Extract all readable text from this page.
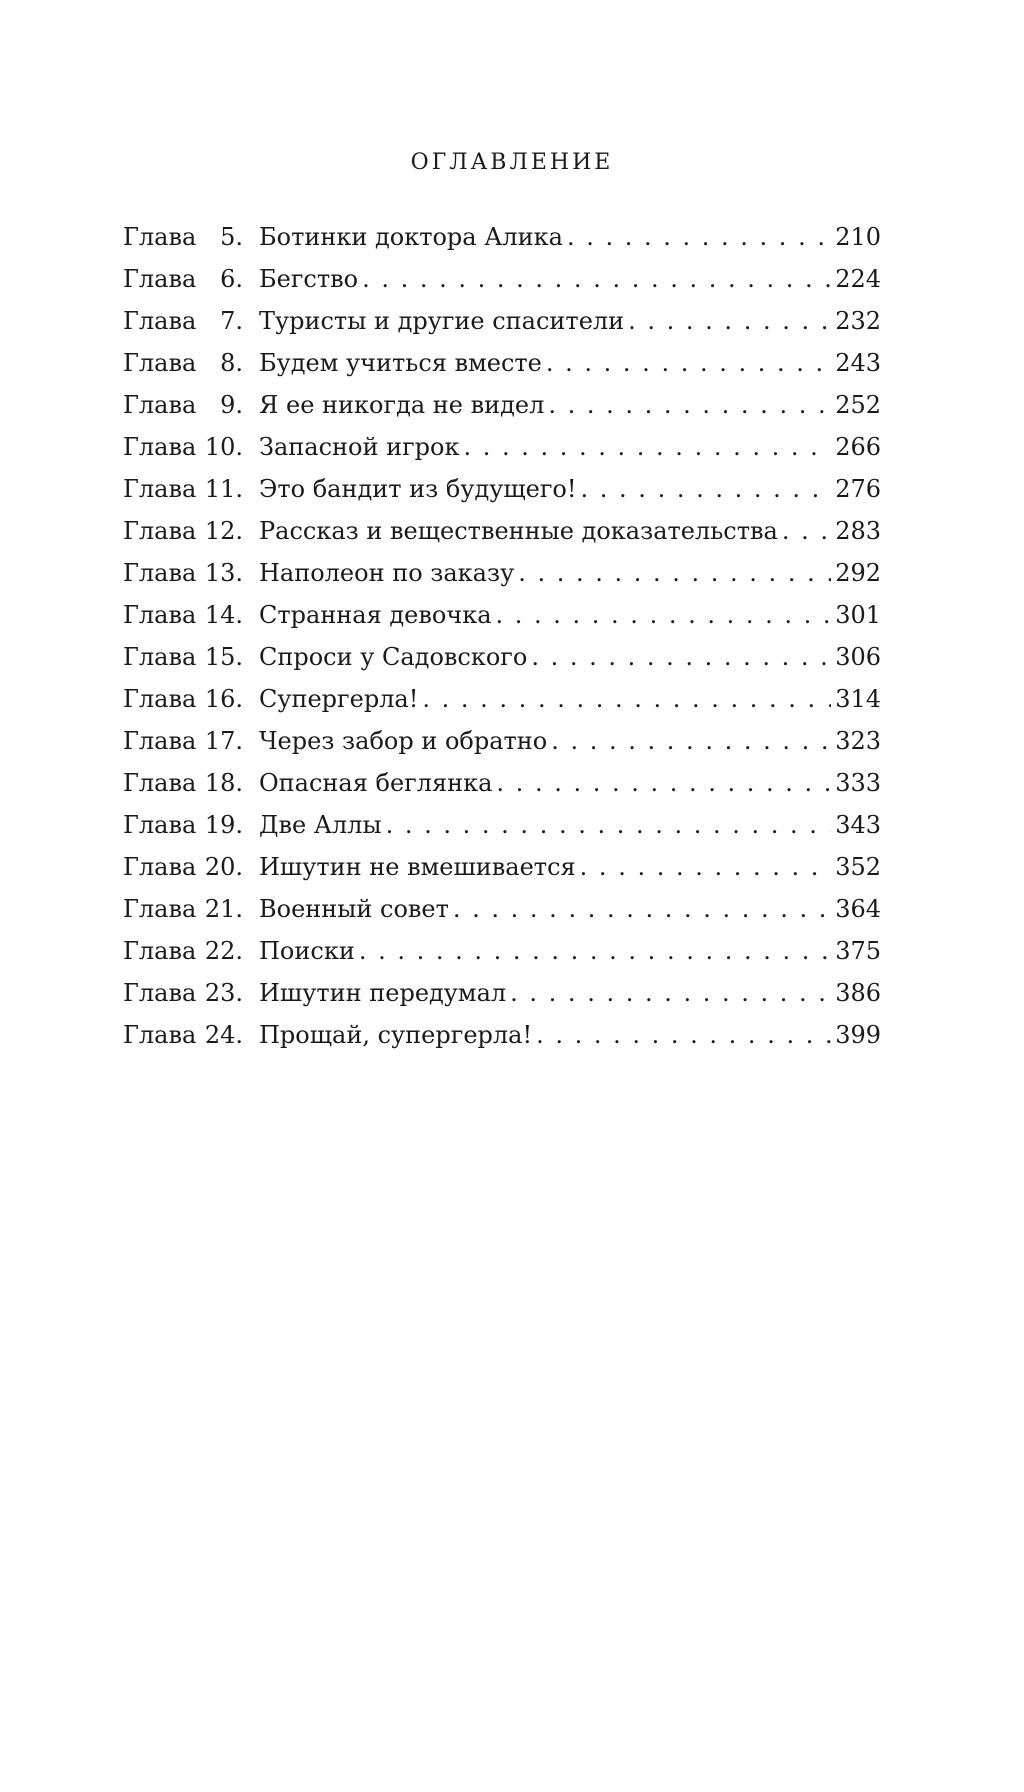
ОГЛАВЛЕНИЕ
Глава 5. Ботинки доктора Алика . . .	210
Глава 6. Бегство . . .	224
Глава 7. Туристы и другие спасители . . .	232
Глава 8. Будем учиться вместе . . .	243
Глава 9. Я ее никогда не видел . . .	252
Глава 10. Запасной игрок . . .	266
Глава 11. Это бандит из будущего! . . .	276
Глава 12. Рассказ и вещественные доказательства . . . 283
Глава 13. Наполеон по заказу . . .	292
Глава 14. Странная девочка . . .	301
Глава 15. Спроси у Садовского . . .	306
Глава 16. Супергерла! . . .	314
Глава 17. Через забор и обратно . . .	323
Глава 18. Опасная беглянка . . .	333
Глава 19. Две Аллы . . .	343
Глава 20. Ишутин не вмешивается . . .	352
Глава 21. Военный совет . . .	364
Глава 22. Поиски . . .	375
Глава 23. Ишутин передумал . . .	386
Глава 24. Прощай, супергерла! . . .	399
